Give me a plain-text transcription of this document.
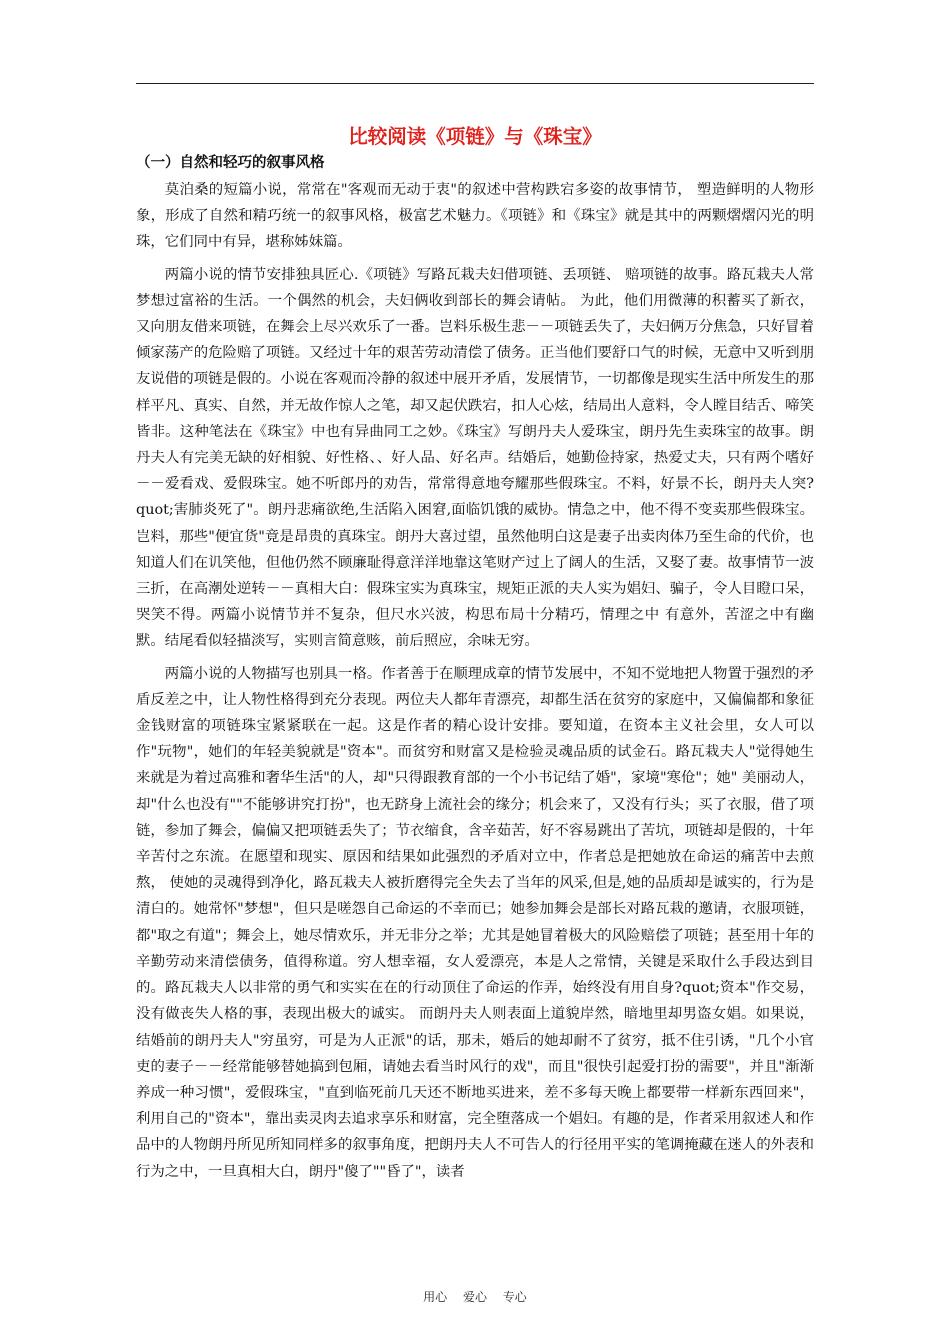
比较阅读《项链》与《珠宝》
（一）自然和轻巧的叙事风格

莫泊桑的短篇小说，常常在"客观而无动于衷"的叙述中营构跌宕多姿的故事情节， 塑造鲜明的人物形象，形成了自然和精巧统一的叙事风格，极富艺术魅力。《项链》和《珠宝》就是其中的两颗熠熠闪光的明珠，它们同中有异，堪称姊妹篇。

两篇小说的情节安排独具匠心.《项链》写路瓦栽夫妇借项链、丢项链、 赔项链的故事。路瓦栽夫人常梦想过富裕的生活。一个偶然的机会，夫妇俩收到部长的舞会请帖。 为此，他们用微薄的积蓄买了新衣，又向朋友借来项链，在舞会上尽兴欢乐了一番。岂料乐极生悲－－项链丢失了，夫妇俩万分焦急，只好冒着倾家荡产的危险赔了项链。又经过十年的艰苦劳动清偿了债务。正当他们要舒口气的时候，无意中又听到朋友说借的项链是假的。小说在客观而冷静的叙述中展开矛盾，发展情节，一切都像是现实生活中所发生的那样平凡、真实、自然，并无故作惊人之笔，却又起伏跌宕，扣人心炫，结局出人意料，令人瞠目结舌、啼笑皆非。这种笔法在《珠宝》中也有异曲同工之妙。《珠宝》写朗丹夫人爱珠宝，朗丹先生卖珠宝的故事。朗丹夫人有完美无缺的好相貌、好性格、、好人品、好名声。结婚后，她勤俭持家，热爱丈夫，只有两个嗜好－－爱看戏、爱假珠宝。她不听郎丹的劝告，常常得意地夸耀那些假珠宝。不料，好景不长，朗丹夫人突?quot;害肺炎死了"。朗丹悲痛欲绝,生活陷入困窘,面临饥饿的威协。情急之中，他不得不变卖那些假珠宝。岂料，那些"便宜货"竟是昂贵的真珠宝。朗丹大喜过望，虽然他明白这是妻子出卖肉体乃至生命的代价，也知道人们在讥笑他，但他仍然不顾廉耻得意洋洋地靠这笔财产过上了阔人的生活，又娶了妻。故事情节一波三折，在高潮处逆转－－真相大白：假珠宝实为真珠宝，规矩正派的夫人实为娼妇、骗子，令人目瞪口呆，哭笑不得。两篇小说情节并不复杂，但尺水兴波，构思布局十分精巧，情理之中 有意外，苦涩之中有幽默。结尾看似轻描淡写，实则言简意赅，前后照应，余味无穷。

两篇小说的人物描写也别具一格。作者善于在顺理成章的情节发展中，不知不觉地把人物置于强烈的矛盾反差之中，让人物性格得到充分表现。两位夫人都年青漂亮，却都生活在贫穷的家庭中，又偏偏都和象征金钱财富的项链珠宝紧紧联在一起。这是作者的精心设计安排。要知道，在资本主义社会里，女人可以作"玩物"，她们的年轻美貌就是"资本"。而贫穷和财富又是检验灵魂品质的试金石。路瓦栽夫人"觉得她生来就是为着过高雅和奢华生活"的人，却"只得跟教育部的一个小书记结了婚"，家境"寒伧"；她" 美丽动人，却"什么也没有""不能够讲究打扮"，也无跻身上流社会的缘分；机会来了，又没有行头；买了衣服，借了项链，参加了舞会，偏偏又把项链丢失了；节衣缩食，含辛茹苦，好不容易跳出了苦坑，项链却是假的，十年辛苦付之东流。在愿望和现实、原因和结果如此强烈的矛盾对立中，作者总是把她放在命运的痛苦中去煎熬， 使她的灵魂得到净化，路瓦栽夫人被折磨得完全失去了当年的风采,但是,她的品质却是诚实的，行为是清白的。她常怀"梦想"，但只是嗟怨自己命运的不幸而已；她参加舞会是部长对路瓦栽的邀请，衣服项链，都"取之有道"；舞会上，她尽情欢乐，并无非分之举；尤其是她冒着极大的风险赔偿了项链；甚至用十年的辛勤劳动来清偿债务，值得称道。穷人想幸福，女人爱漂亮，本是人之常情，关键是采取什么手段达到目的。路瓦栽夫人以非常的勇气和实实在在的行动顶住了命运的作弄，始终没有用自身?quot;资本"作交易，没有做丧失人格的事，表现出极大的诚实。 而朗丹夫人则表面上道貌岸然，暗地里却男盗女娼。如果说，结婚前的朗丹夫人"穷虽穷，可是为人正派"的话，那未，婚后的她却耐不了贫穷，抵不住引诱，"几个小官吏的妻子－－经常能够替她搞到包厢，请她去看当时风行的戏"，而且"很快引起爱打扮的需要"，并且"渐渐养成一种习惯"，爱假珠宝，"直到临死前几天还不断地买进来，差不多每天晚上都要带一样新东西回来"，利用自己的"资本"，靠出卖灵肉去追求享乐和财富，完全堕落成一个娼妇。有趣的是，作者采用叙述人和作品中的人物朗丹所见所知同样多的叙事角度，把朗丹夫人不可告人的行径用平实的笔调掩藏在迷人的外表和行为之中，一旦真相大白，朗丹"傻了""昏了"，读者

用心 爱心 专心
